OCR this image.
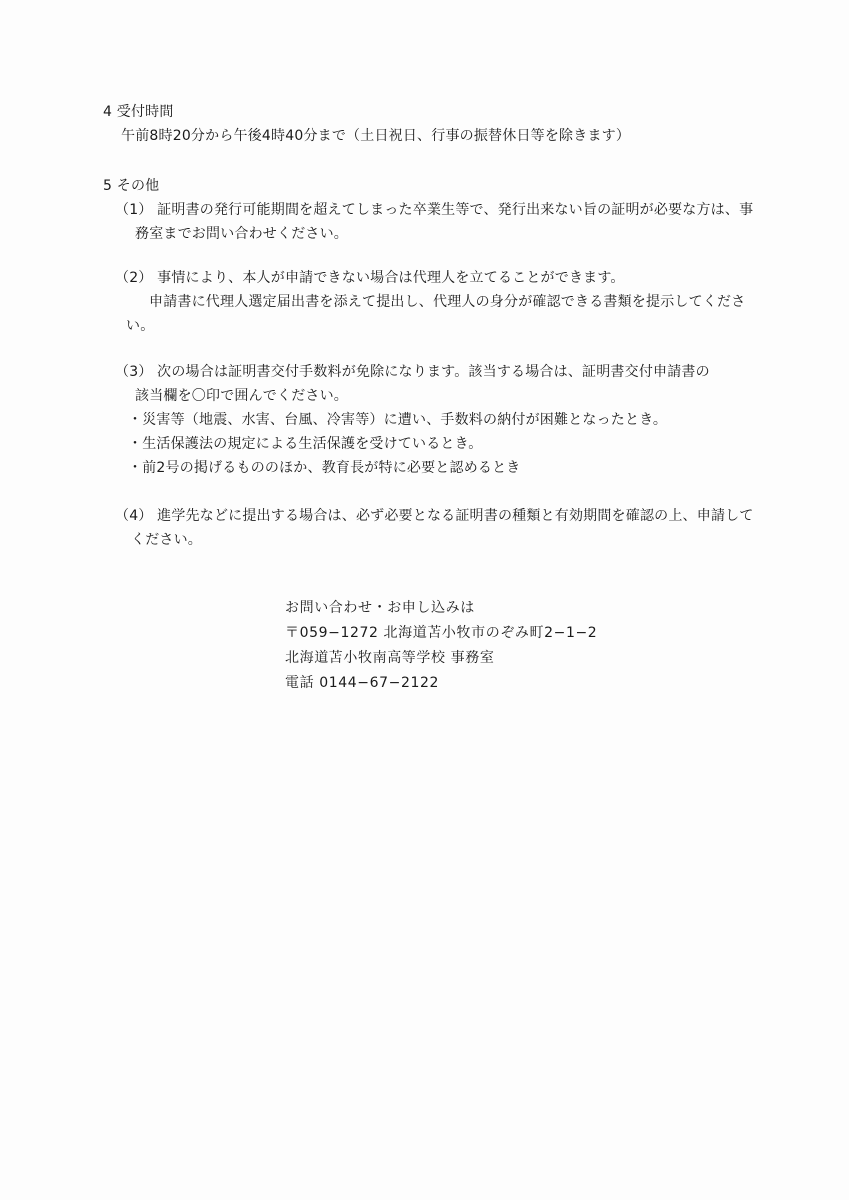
4 受付時間
午前8時20分から午後4時40分まで（土日祝日、行事の振替休日等を除きます）
5 その他
（1） 証明書の発行可能期間を超えてしまった卒業生等で、発行出来ない旨の証明が必要な方は、事
務室までお問い合わせください。
（2） 事情により、本人が申請できない場合は代理人を立てることができます。
申請書に代理人選定届出書を添えて提出し、代理人の身分が確認できる書類を提示してくださ
い。
（3） 次の場合は証明書交付手数料が免除になります。該当する場合は、証明書交付申請書の
該当欄を〇印で囲んでください。
・災害等（地震、水害、台風、冷害等）に遭い、手数料の納付が困難となったとき。
・生活保護法の規定による生活保護を受けているとき。
・前2号の掲げるもののほか、教育長が特に必要と認めるとき
（4） 進学先などに提出する場合は、必ず必要となる証明書の種類と有効期間を確認の上、申請して
ください。
お問い合わせ・お申し込みは
〒059−1272 北海道苫小牧市のぞみ町2−1−2
北海道苫小牧南高等学校 事務室
電話 0144−67−2122
